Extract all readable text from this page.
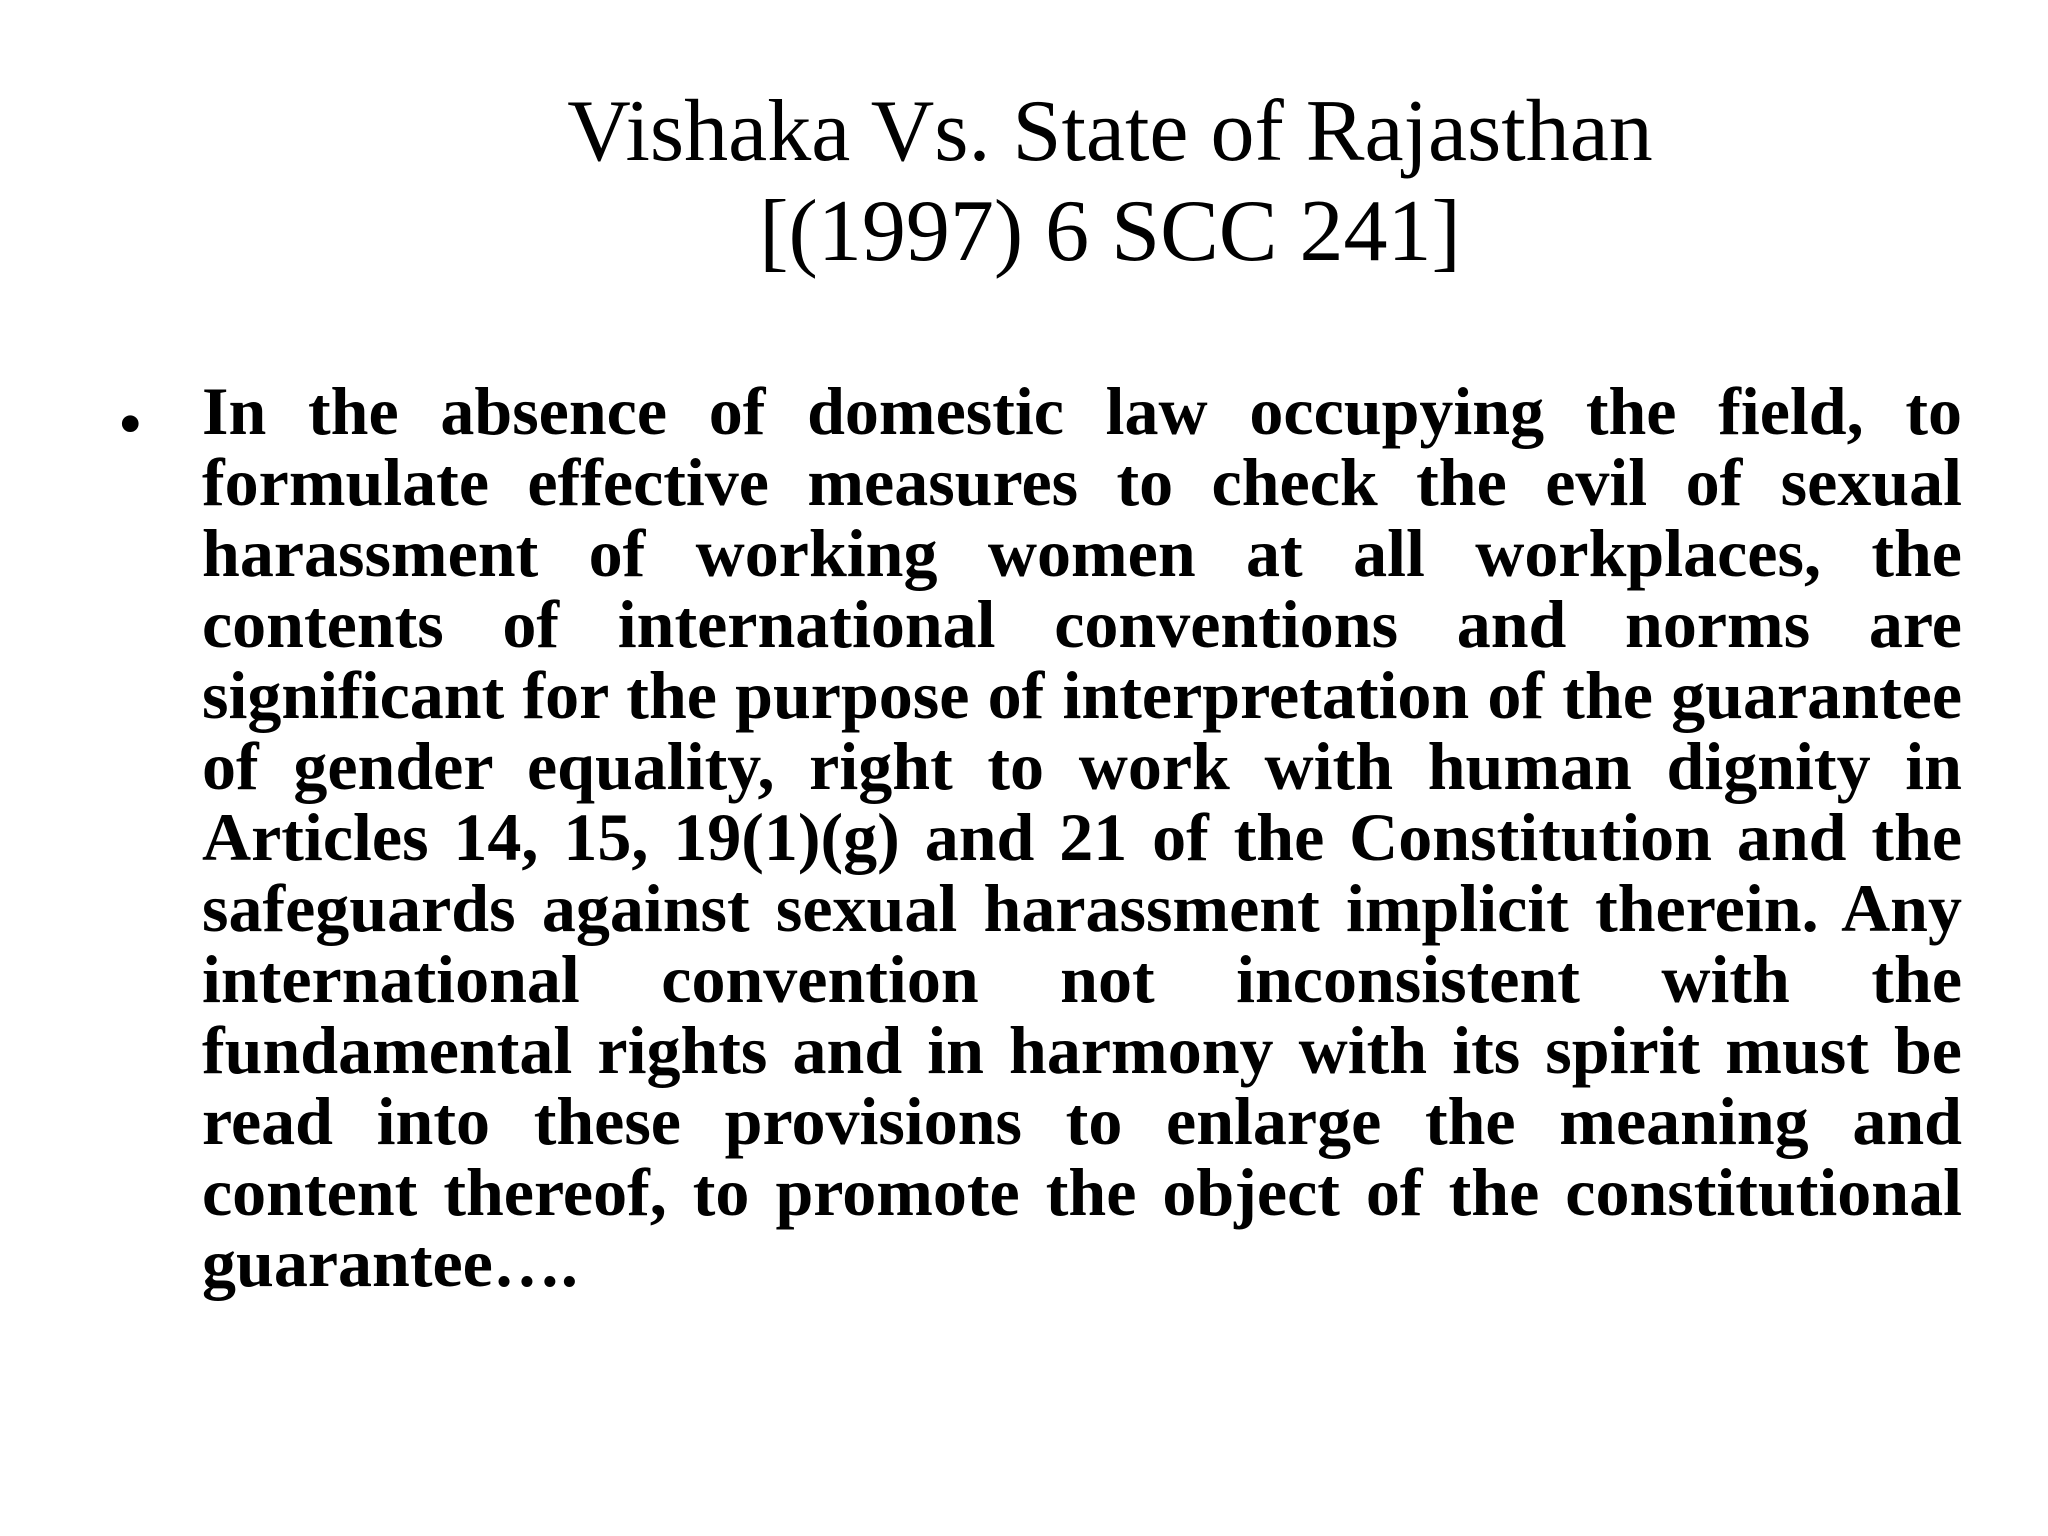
Vishaka Vs. State of Rajasthan
[(1997) 6 SCC 241]
• In the absence of domestic law occupying the field, to formulate effective measures to check the evil of sexual harassment of working women at all workplaces, the contents of international conventions and norms are significant for the purpose of interpretation of the guarantee of gender equality, right to work with human dignity in Articles 14, 15, 19(1)(g) and 21 of the Constitution and the safeguards against sexual harassment implicit therein. Any international convention not inconsistent with the fundamental rights and in harmony with its spirit must be read into these provisions to enlarge the meaning and content thereof, to promote the object of the constitutional guarantee….
